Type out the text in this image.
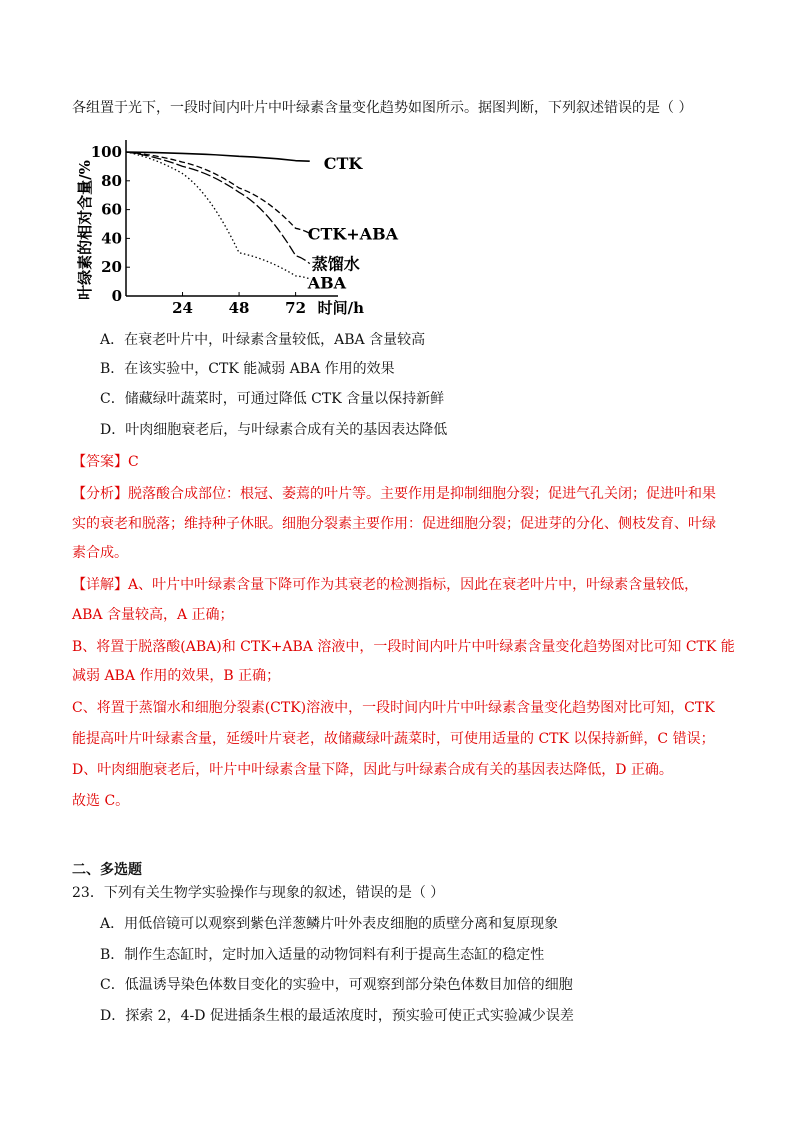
各组置于光下，一段时间内叶片中叶绿素含量变化趋势如图所示。据图判断，下列叙述错误的是（ ）
0
20
40
60
80
100
24 48 72 时间/h
叶绿素的相对含量/%	CTK
CTK+ABA
蒸馏水
ABA
A．在衰老叶片中，叶绿素含量较低，ABA 含量较高
B．在该实验中，CTK 能减弱 ABA 作用的效果
C．储藏绿叶蔬菜时，可通过降低 CTK 含量以保持新鲜
D．叶肉细胞衰老后，与叶绿素合成有关的基因表达降低
【答案】C
【分析】脱落酸合成部位：根冠、萎蔫的叶片等。主要作用是抑制细胞分裂；促进气孔关闭；促进叶和果
实的衰老和脱落；维持种子休眠。细胞分裂素主要作用：促进细胞分裂；促进芽的分化、侧枝发育、叶绿
素合成。
【详解】A、叶片中叶绿素含量下降可作为其衰老的检测指标，因此在衰老叶片中，叶绿素含量较低，
ABA 含量较高，A 正确；
B、将置于脱落酸(ABA)和 CTK+ABA 溶液中，一段时间内叶片中叶绿素含量变化趋势图对比可知 CTK 能
减弱 ABA 作用的效果，B 正确；
C、将置于蒸馏水和细胞分裂素(CTK)溶液中，一段时间内叶片中叶绿素含量变化趋势图对比可知，CTK
能提高叶片叶绿素含量，延缓叶片衰老，故储藏绿叶蔬菜时，可使用适量的 CTK 以保持新鲜，C 错误；
D、叶肉细胞衰老后，叶片中叶绿素含量下降，因此与叶绿素合成有关的基因表达降低，D 正确。
故选 C。
二、多选题
23．下列有关生物学实验操作与现象的叙述，错误的是（ ）
A．用低倍镜可以观察到紫色洋葱鳞片叶外表皮细胞的质壁分离和复原现象
B．制作生态缸时，定时加入适量的动物饲料有利于提高生态缸的稳定性
C．低温诱导染色体数目变化的实验中，可观察到部分染色体数目加倍的细胞
D．探索 2，4-D 促进插条生根的最适浓度时，预实验可使正式实验减少误差
